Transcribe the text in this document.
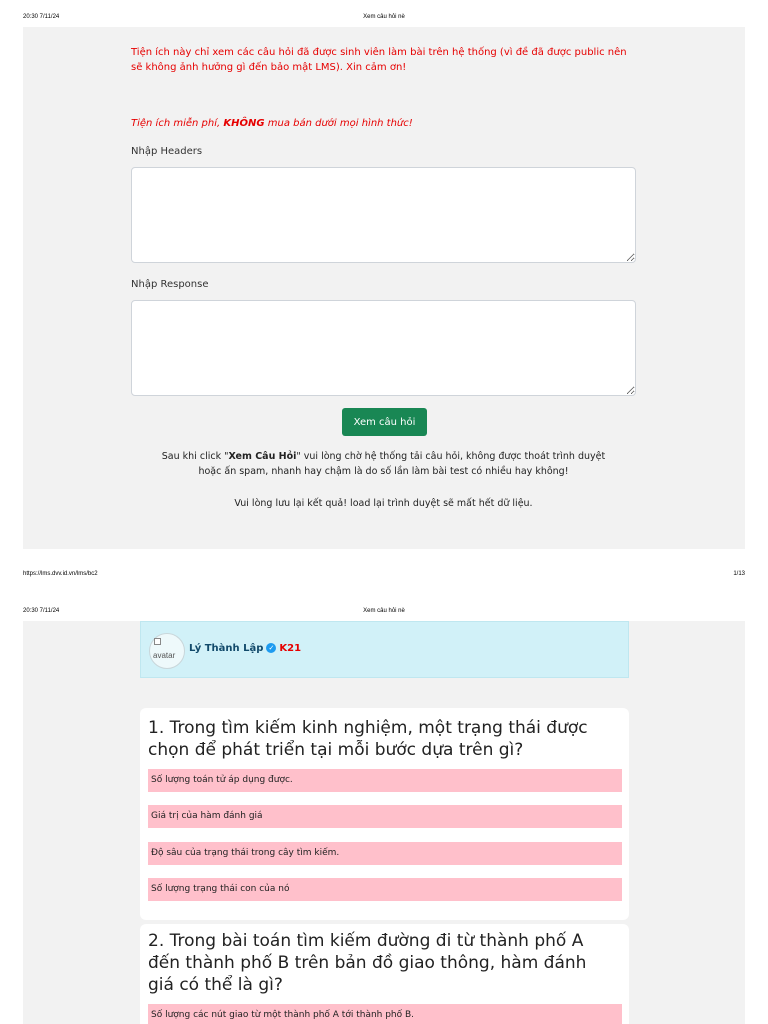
20:30 7/11/24	Xem câu hỏi nè
Tiện ích này chỉ xem các câu hỏi đã được sinh viên làm bài trên hệ thống (vì đề đã được public nên
sẽ không ảnh hưởng gì đến bảo mật LMS). Xin cảm ơn!
Tiện ích miễn phí, KHÔNG mua bán dưới mọi hình thức!
Nhập Headers
Nhập Response
Xem câu hỏi
Sau khi click "Xem Câu Hỏi" vui lòng chờ hệ thống tải câu hỏi, không được thoát trình duyệt
hoặc ấn spam, nhanh hay chậm là do số lần làm bài test có nhiều hay không!
Vui lòng lưu lại kết quả! load lại trình duyệt sẽ mất hết dữ liệu.
https://lms.dvv.id.vn/lms/bc2	1/13
20:30 7/11/24	Xem câu hỏi nè
avatar
Lý Thành Lập ✓ K21
1. Trong tìm kiếm kinh nghiệm, một trạng thái được
chọn để phát triển tại mỗi bước dựa trên gì?
Số lượng toán tử áp dụng được.
Giá trị của hàm đánh giá
Độ sâu của trạng thái trong cây tìm kiếm.
Số lượng trạng thái con của nó
2. Trong bài toán tìm kiếm đường đi từ thành phố A
đến thành phố B trên bản đồ giao thông, hàm đánh
giá có thể là gì?
Số lượng các nút giao từ một thành phố A tới thành phố B.
